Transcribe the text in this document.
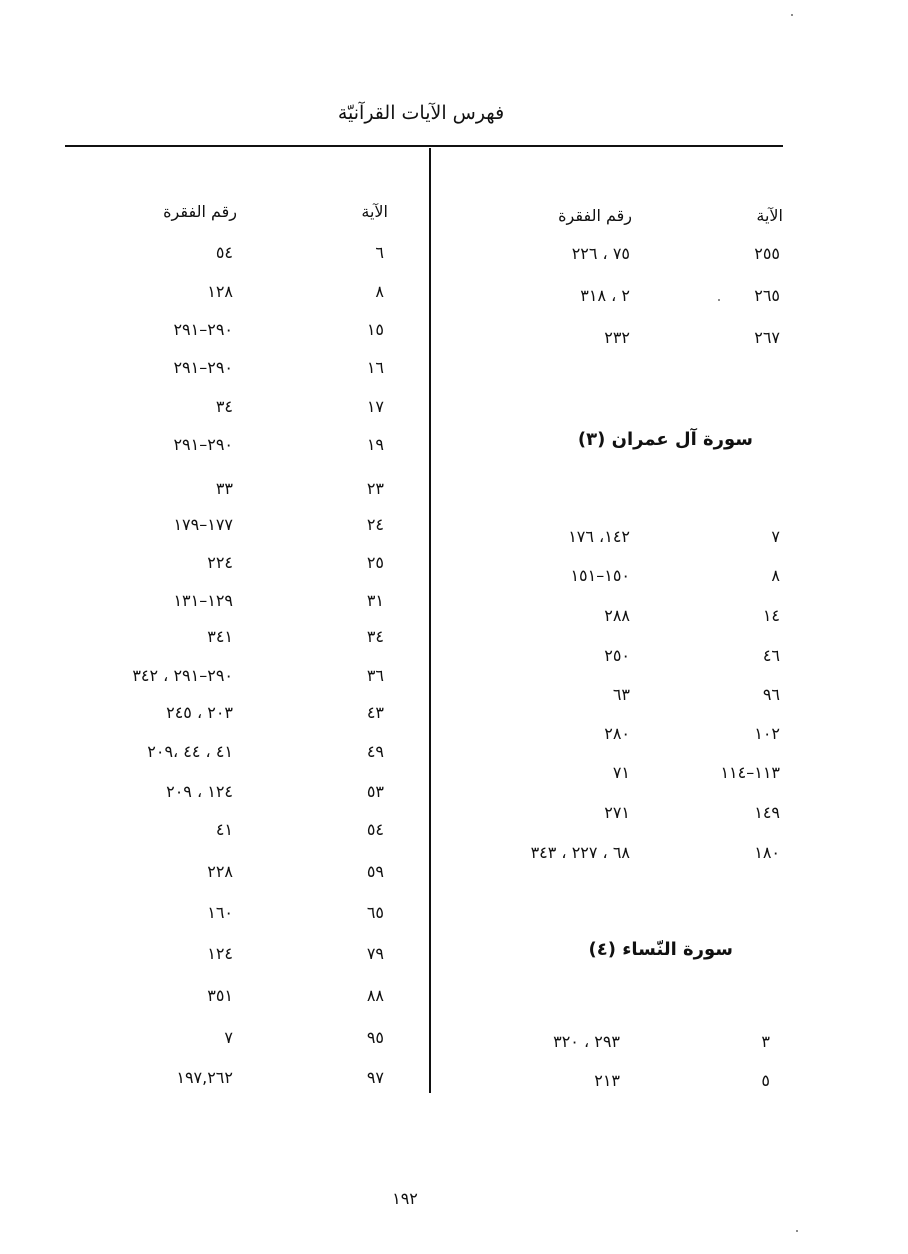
فهرس الآيات القرآنيّة
الآية
رقم الفقرة
الآية
رقم الفقرة
٢٥٥
٧٥ ، ٢٢٦
٢٦٥
٢ ، ٣١٨
٢٦٧
٢٣٢
سورة آل عمران (٣)
٧
١٤٢، ١٧٦
٨
١٥٠–١٥١
١٤
٢٨٨
٤٦
٢٥٠
٩٦
٦٣
١٠٢
٢٨٠
١١٣–١١٤
٧١
١٤٩
٢٧١
١٨٠
٦٨ ، ٢٢٧ ، ٣٤٣
سورة النّساء (٤)
٣
٢٩٣ ، ٣٢٠
٥
٢١٣
٦
٥٤
٨
١٢٨
١٥
٢٩٠–٢٩١
١٦
٢٩٠–٢٩١
١٧
٣٤
١٩
٢٩٠–٢٩١
٢٣
٣٣
٢٤
١٧٧–١٧٩
٢٥
٢٢٤
٣١
١٢٩–١٣١
٣٤
٣٤١
٣٦
٢٩٠–٢٩١ ، ٣٤٢
٤٣
٢٠٣ ، ٢٤٥
٤٩
٤١ ، ٤٤ ،٢٠٩
٥٣
١٢٤ ، ٢٠٩
٥٤
٤١
٥٩
٢٢٨
٦٥
١٦٠
٧٩
١٢٤
٨٨
٣٥١
٩٥
٧
٩٧
١٩٧,٢٦٢
١٩٢
